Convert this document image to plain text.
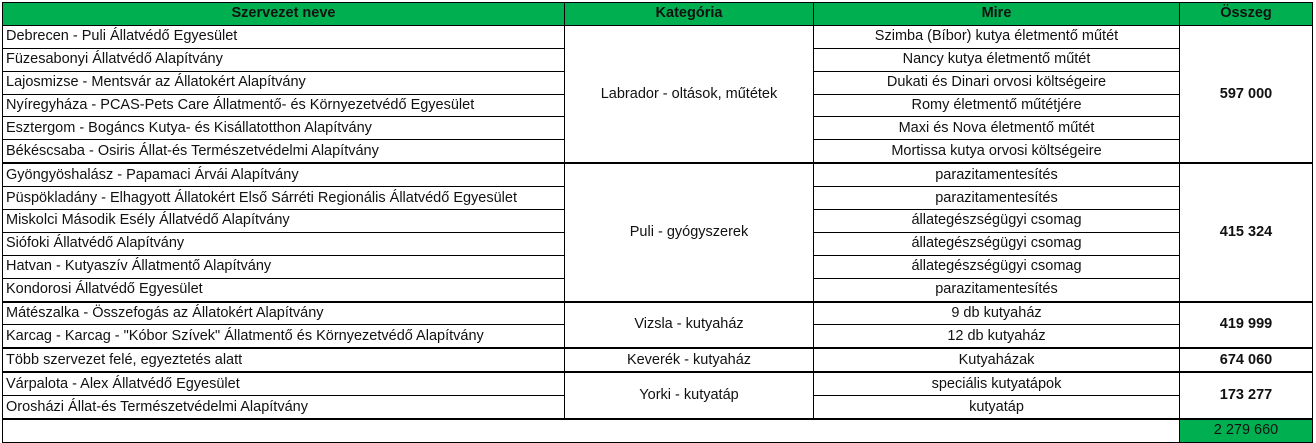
Szervezet neve	Kategória	Mire	Összeg
Debrecen - Puli Állatvédő Egyesület	Labrador - oltások, műtétek	Szimba (Bíbor) kutya életmentő műtét	597 000
Füzesabonyi Állatvédő Alapítvány		Nancy kutya életmentő műtét	
Lajosmizse - Mentsvár az Állatokért Alapítvány		Dukati és Dinari orvosi költségeire	
Nyíregyháza - PCAS-Pets Care Állatmentő- és Környezetvédő Egyesület		Romy életmentő műtétjére	
Esztergom - Bogáncs Kutya- és Kisállatotthon Alapítvány		Maxi és Nova életmentő műtét	
Békéscsaba - Osiris Állat-és Természetvédelmi Alapítvány		Mortissa kutya orvosi költségeire	
Gyöngyöshalász - Papamaci Árvái Alapítvány	Puli - gyógyszerek	parazitamentesítés	415 324
Püspökladány - Elhagyott Állatokért Első Sárréti Regionális Állatvédő Egyesület		parazitamentesítés	
Miskolci Második Esély Állatvédő Alapítvány		állategészségügyi csomag	
Siófoki Állatvédő Alapítvány		állategészségügyi csomag	
Hatvan - Kutyaszív Állatmentő Alapítvány		állategészségügyi csomag	
Kondorosi Állatvédő Egyesület		parazitamentesítés	
Mátészalka - Összefogás az Állatokért Alapítvány	Vizsla - kutyaház	9 db kutyaház	419 999
Karcag - Karcag - "Kóbor Szívek" Állatmentő és Környezetvédő Alapítvány		12 db kutyaház	
Több szervezet felé, egyeztetés alatt	Keverék - kutyaház	Kutyaházak	674 060
Várpalota - Alex Állatvédő Egyesület	Yorki - kutyatáp	speciális kutyatápok	173 277
Orosházi Állat-és Természetvédelmi Alapítvány		kutyatáp	
			2 279 660
